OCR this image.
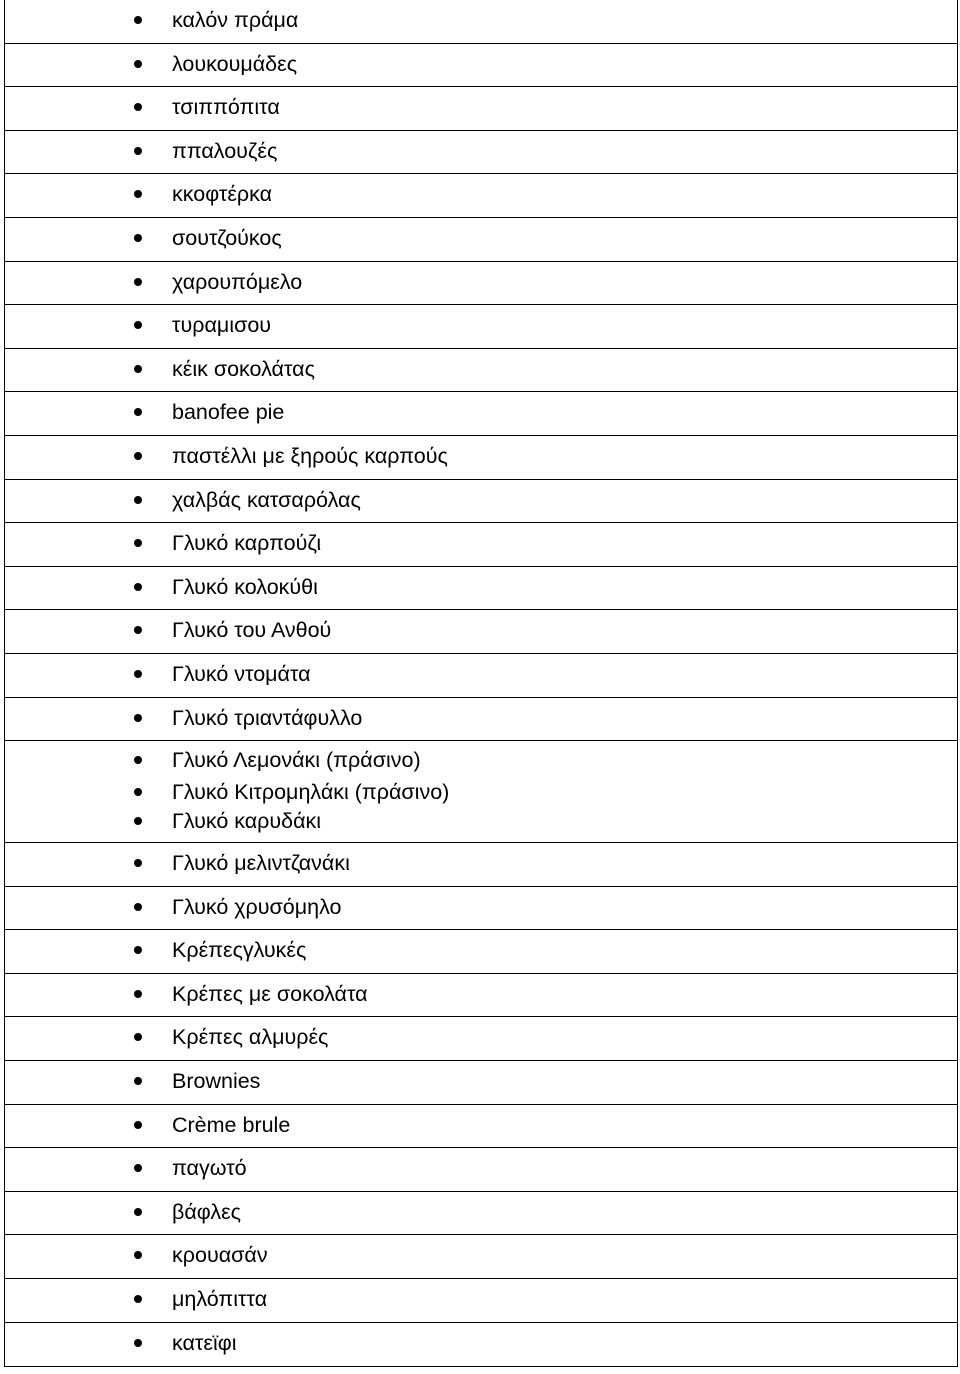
καλόν πράμα
λουκουμάδες
τσιππόπιτα
ππαλουζές
κκοφτέρκα
σουτζούκος
χαρουπόμελο
τυραμισου
κέικ σοκολάτας
banofee pie
παστέλλι με ξηρούς καρπούς
χαλβάς κατσαρόλας
Γλυκό καρπούζι
Γλυκό κολοκύθι
Γλυκό του Ανθού
Γλυκό ντομάτα
Γλυκό τριαντάφυλλο
Γλυκό Λεμονάκι (πράσινο)
Γλυκό Κιτρομηλάκι (πράσινο)
Γλυκό καρυδάκι
Γλυκό μελιντζανάκι
Γλυκό χρυσόμηλο
Κρέπεςγλυκές
Κρέπες με σοκολάτα
Κρέπες αλμυρές
Brownies
Crème brule
παγωτό
βάφλες
κρουασάν
μηλόπιττα
κατεϊφι
